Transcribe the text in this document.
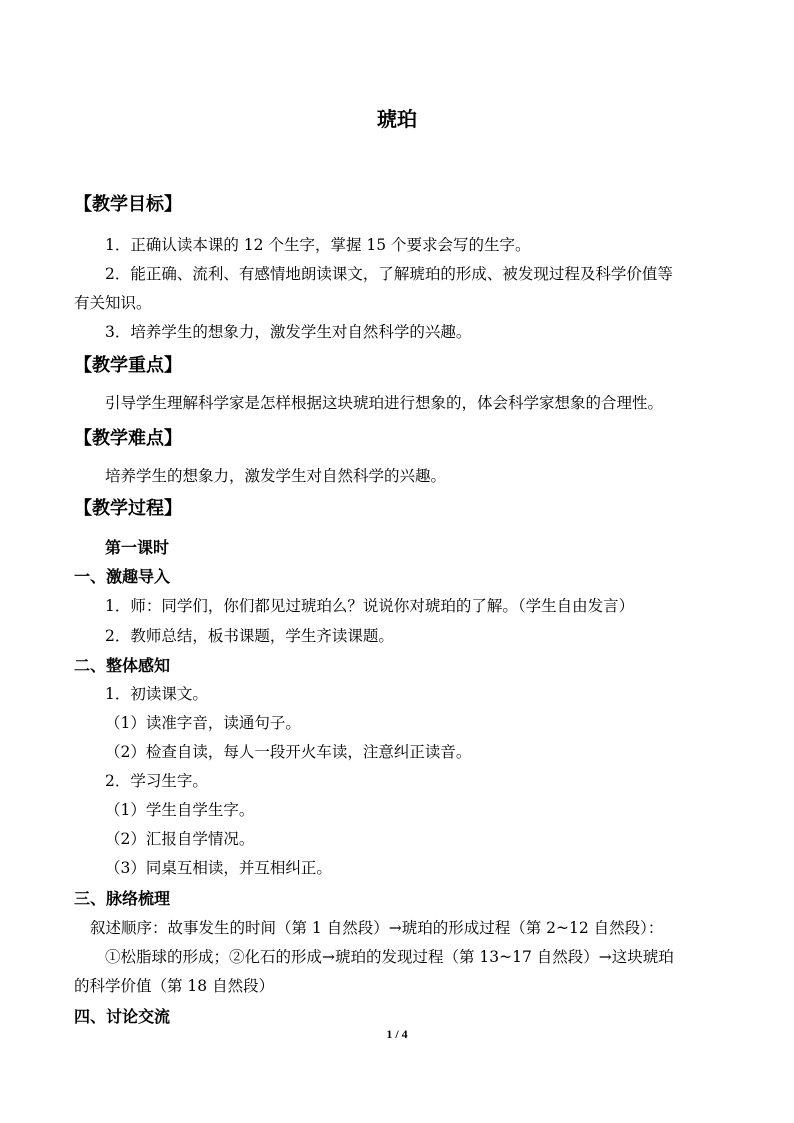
琥珀
【教学目标】
1．正确认读本课的 12 个生字，掌握 15 个要求会写的生字。
2．能正确、流利、有感情地朗读课文，了解琥珀的形成、被发现过程及科学价值等
有关知识。
3．培养学生的想象力，激发学生对自然科学的兴趣。
【教学重点】
引导学生理解科学家是怎样根据这块琥珀进行想象的，体会科学家想象的合理性。
【教学难点】
培养学生的想象力，激发学生对自然科学的兴趣。
【教学过程】
第一课时
一、激趣导入
1．师：同学们，你们都见过琥珀么？说说你对琥珀的了解。（学生自由发言）
2．教师总结，板书课题，学生齐读课题。
二、整体感知
1．初读课文。
（1）读准字音，读通句子。
（2）检查自读，每人一段开火车读，注意纠正读音。
2．学习生字。
（1）学生自学生字。
（2）汇报自学情况。
（3）同桌互相读，并互相纠正。
三、脉络梳理
叙述顺序：故事发生的时间（第 1 自然段）→琥珀的形成过程（第 2~12 自然段）：
①松脂球的形成；②化石的形成→琥珀的发现过程（第 13~17 自然段）→这块琥珀
的科学价值（第 18 自然段）
四、讨论交流
1 / 4
